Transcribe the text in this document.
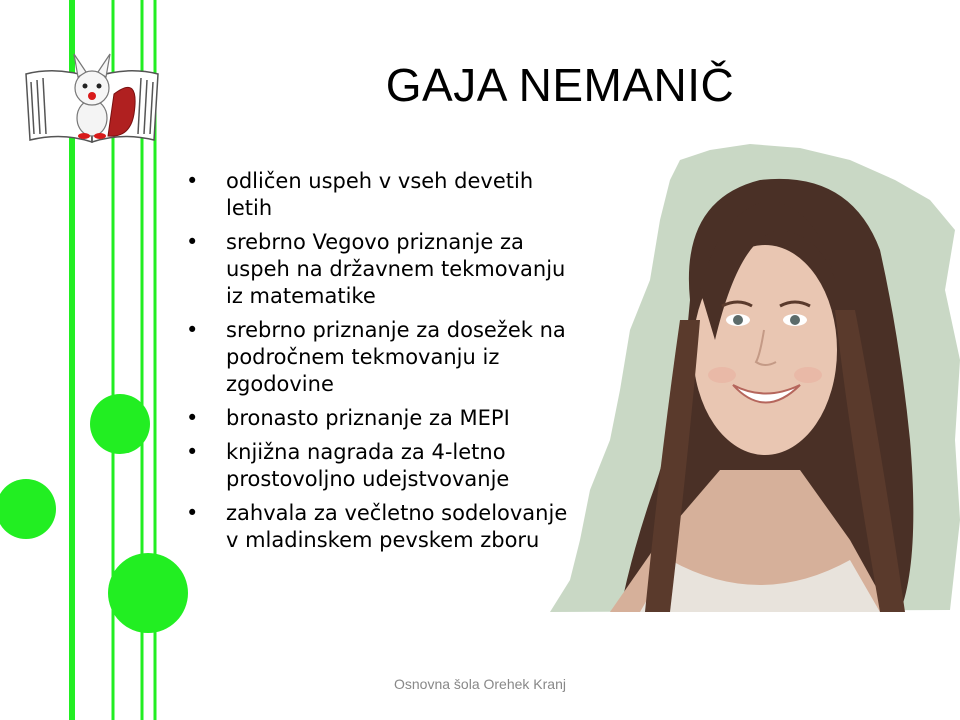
GAJA NEMANIČ
• odličen uspeh v vseh devetih letih
• srebrno Vegovo priznanje za uspeh na državnem tekmovanju iz matematike
• srebrno priznanje za dosežek na področnem tekmovanju iz zgodovine
• bronasto priznanje za MEPI
• knjižna nagrada za 4-letno prostovoljno udejstvovanje
• zahvala za večletno sodelovanje v mladinskem pevskem zboru
Osnovna šola Orehek Kranj
